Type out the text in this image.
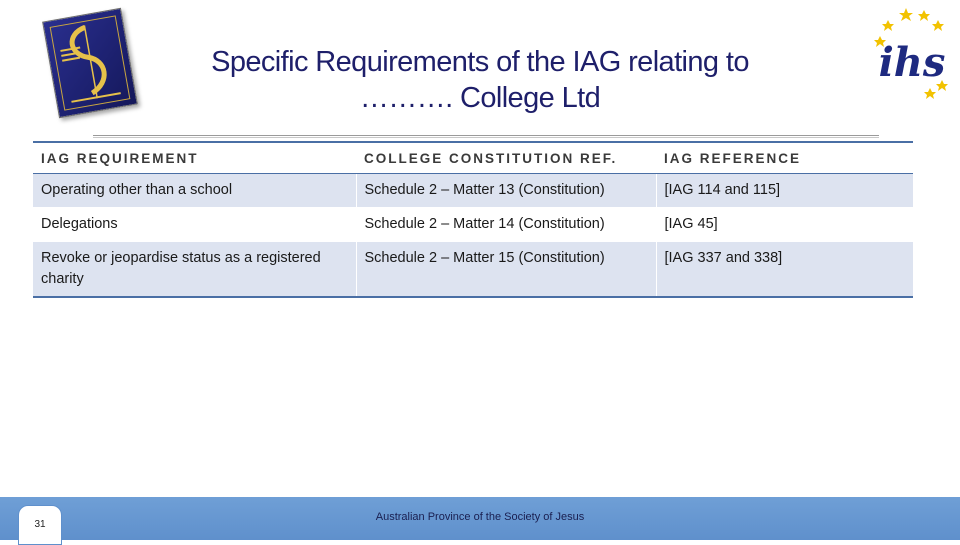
Specific Requirements of the IAG relating to
………. College Ltd
ihs
IAG REQUIREMENT	COLLEGE CONSTITUTION REF.	IAG REFERENCE
Operating other than a school	Schedule 2 – Matter 13 (Constitution)	[IAG 114 and 115]
Delegations	Schedule 2 – Matter 14 (Constitution)	[IAG 45]
Revoke or jeopardise status as a registered charity	Schedule 2 – Matter 15 (Constitution)	[IAG 337 and 338]
Australian Province of the Society of Jesus
31
